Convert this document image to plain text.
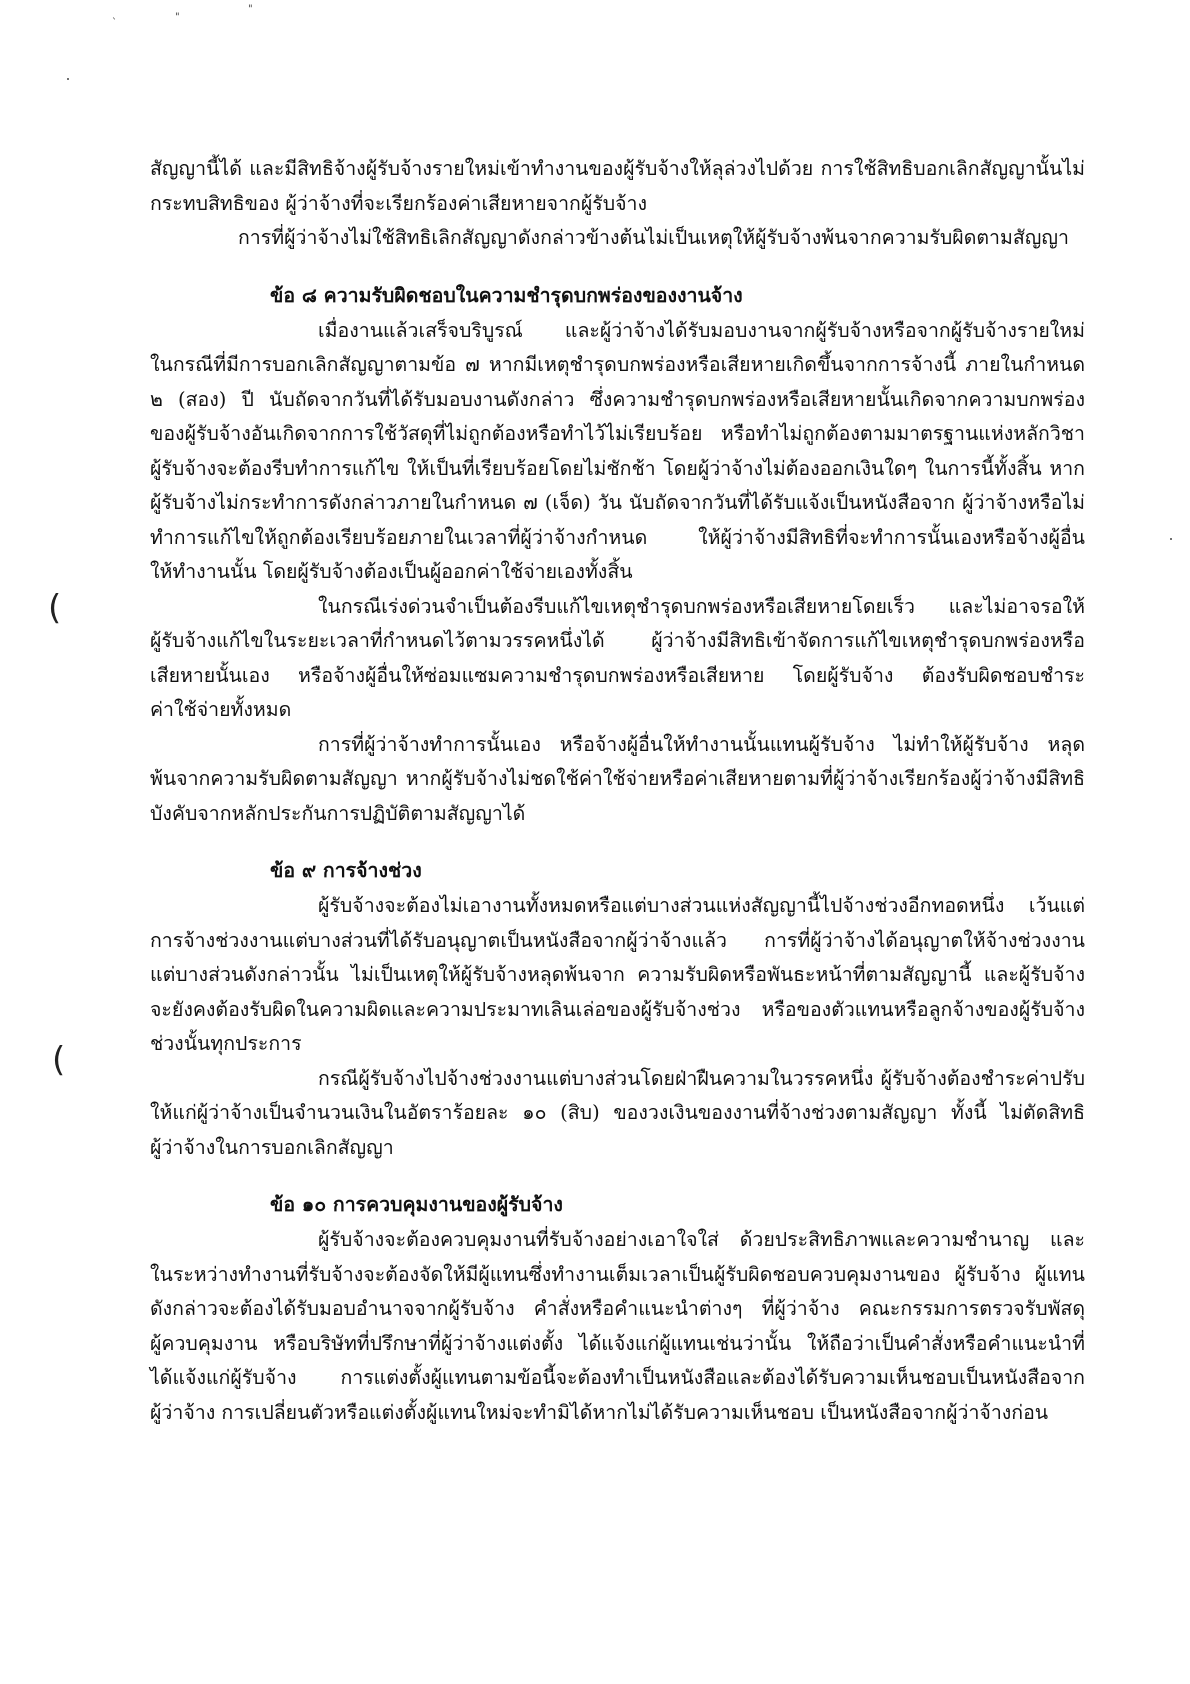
ˋ
"
"
(
(
สัญญานี้ได้ และมีสิทธิจ้างผู้รับจ้างรายใหม่เข้าทำงานของผู้รับจ้างให้ลุล่วงไปด้วย การใช้สิทธิบอกเลิกสัญญานั้นไม่
กระทบสิทธิของ ผู้ว่าจ้างที่จะเรียกร้องค่าเสียหายจากผู้รับจ้าง
การที่ผู้ว่าจ้างไม่ใช้สิทธิเลิกสัญญาดังกล่าวข้างต้นไม่เป็นเหตุให้ผู้รับจ้างพ้นจากความรับผิดตามสัญญา
ข้อ ๘ ความรับผิดชอบในความชำรุดบกพร่องของงานจ้าง
เมื่องานแล้วเสร็จบริบูรณ์ และผู้ว่าจ้างได้รับมอบงานจากผู้รับจ้างหรือจากผู้รับจ้างรายใหม่
ในกรณีที่มีการบอกเลิกสัญญาตามข้อ ๗ หากมีเหตุชำรุดบกพร่องหรือเสียหายเกิดขึ้นจากการจ้างนี้ ภายในกำหนด
๒ (สอง) ปี นับถัดจากวันที่ได้รับมอบงานดังกล่าว ซึ่งความชำรุดบกพร่องหรือเสียหายนั้นเกิดจากความบกพร่อง
ของผู้รับจ้างอันเกิดจากการใช้วัสดุที่ไม่ถูกต้องหรือทำไว้ไม่เรียบร้อย หรือทำไม่ถูกต้องตามมาตรฐานแห่งหลักวิชา
ผู้รับจ้างจะต้องรีบทำการแก้ไข ให้เป็นที่เรียบร้อยโดยไม่ชักช้า โดยผู้ว่าจ้างไม่ต้องออกเงินใดๆ ในการนี้ทั้งสิ้น หาก
ผู้รับจ้างไม่กระทำการดังกล่าวภายในกำหนด ๗ (เจ็ด) วัน นับถัดจากวันที่ได้รับแจ้งเป็นหนังสือจาก ผู้ว่าจ้างหรือไม่
ทำการแก้ไขให้ถูกต้องเรียบร้อยภายในเวลาที่ผู้ว่าจ้างกำหนด ให้ผู้ว่าจ้างมีสิทธิที่จะทำการนั้นเองหรือจ้างผู้อื่น
ให้ทำงานนั้น โดยผู้รับจ้างต้องเป็นผู้ออกค่าใช้จ่ายเองทั้งสิ้น
ในกรณีเร่งด่วนจำเป็นต้องรีบแก้ไขเหตุชำรุดบกพร่องหรือเสียหายโดยเร็ว และไม่อาจรอให้
ผู้รับจ้างแก้ไขในระยะเวลาที่กำหนดไว้ตามวรรคหนึ่งได้ ผู้ว่าจ้างมีสิทธิเข้าจัดการแก้ไขเหตุชำรุดบกพร่องหรือ
เสียหายนั้นเอง หรือจ้างผู้อื่นให้ซ่อมแซมความชำรุดบกพร่องหรือเสียหาย โดยผู้รับจ้าง ต้องรับผิดชอบชำระ
ค่าใช้จ่ายทั้งหมด
การที่ผู้ว่าจ้างทำการนั้นเอง หรือจ้างผู้อื่นให้ทำงานนั้นแทนผู้รับจ้าง ไม่ทำให้ผู้รับจ้าง หลุด
พ้นจากความรับผิดตามสัญญา หากผู้รับจ้างไม่ชดใช้ค่าใช้จ่ายหรือค่าเสียหายตามที่ผู้ว่าจ้างเรียกร้องผู้ว่าจ้างมีสิทธิ
บังคับจากหลักประกันการปฏิบัติตามสัญญาได้
ข้อ ๙ การจ้างช่วง
ผู้รับจ้างจะต้องไม่เอางานทั้งหมดหรือแต่บางส่วนแห่งสัญญานี้ไปจ้างช่วงอีกทอดหนึ่ง เว้นแต่
การจ้างช่วงงานแต่บางส่วนที่ได้รับอนุญาตเป็นหนังสือจากผู้ว่าจ้างแล้ว การที่ผู้ว่าจ้างได้อนุญาตให้จ้างช่วงงาน
แต่บางส่วนดังกล่าวนั้น ไม่เป็นเหตุให้ผู้รับจ้างหลุดพ้นจาก ความรับผิดหรือพันธะหน้าที่ตามสัญญานี้ และผู้รับจ้าง
จะยังคงต้องรับผิดในความผิดและความประมาทเลินเล่อของผู้รับจ้างช่วง หรือของตัวแทนหรือลูกจ้างของผู้รับจ้าง
ช่วงนั้นทุกประการ
กรณีผู้รับจ้างไปจ้างช่วงงานแต่บางส่วนโดยฝ่าฝืนความในวรรคหนึ่ง ผู้รับจ้างต้องชำระค่าปรับ
ให้แก่ผู้ว่าจ้างเป็นจำนวนเงินในอัตราร้อยละ ๑๐ (สิบ) ของวงเงินของงานที่จ้างช่วงตามสัญญา ทั้งนี้ ไม่ตัดสิทธิ
ผู้ว่าจ้างในการบอกเลิกสัญญา
ข้อ ๑๐ การควบคุมงานของผู้รับจ้าง
ผู้รับจ้างจะต้องควบคุมงานที่รับจ้างอย่างเอาใจใส่ ด้วยประสิทธิภาพและความชำนาญ และ
ในระหว่างทำงานที่รับจ้างจะต้องจัดให้มีผู้แทนซึ่งทำงานเต็มเวลาเป็นผู้รับผิดชอบควบคุมงานของ ผู้รับจ้าง ผู้แทน
ดังกล่าวจะต้องได้รับมอบอำนาจจากผู้รับจ้าง คำสั่งหรือคำแนะนำต่างๆ ที่ผู้ว่าจ้าง คณะกรรมการตรวจรับพัสดุ
ผู้ควบคุมงาน หรือบริษัทที่ปรึกษาที่ผู้ว่าจ้างแต่งตั้ง ได้แจ้งแก่ผู้แทนเช่นว่านั้น ให้ถือว่าเป็นคำสั่งหรือคำแนะนำที่
ได้แจ้งแก่ผู้รับจ้าง การแต่งตั้งผู้แทนตามข้อนี้จะต้องทำเป็นหนังสือและต้องได้รับความเห็นชอบเป็นหนังสือจาก
ผู้ว่าจ้าง การเปลี่ยนตัวหรือแต่งตั้งผู้แทนใหม่จะทำมิได้หากไม่ได้รับความเห็นชอบ เป็นหนังสือจากผู้ว่าจ้างก่อน
